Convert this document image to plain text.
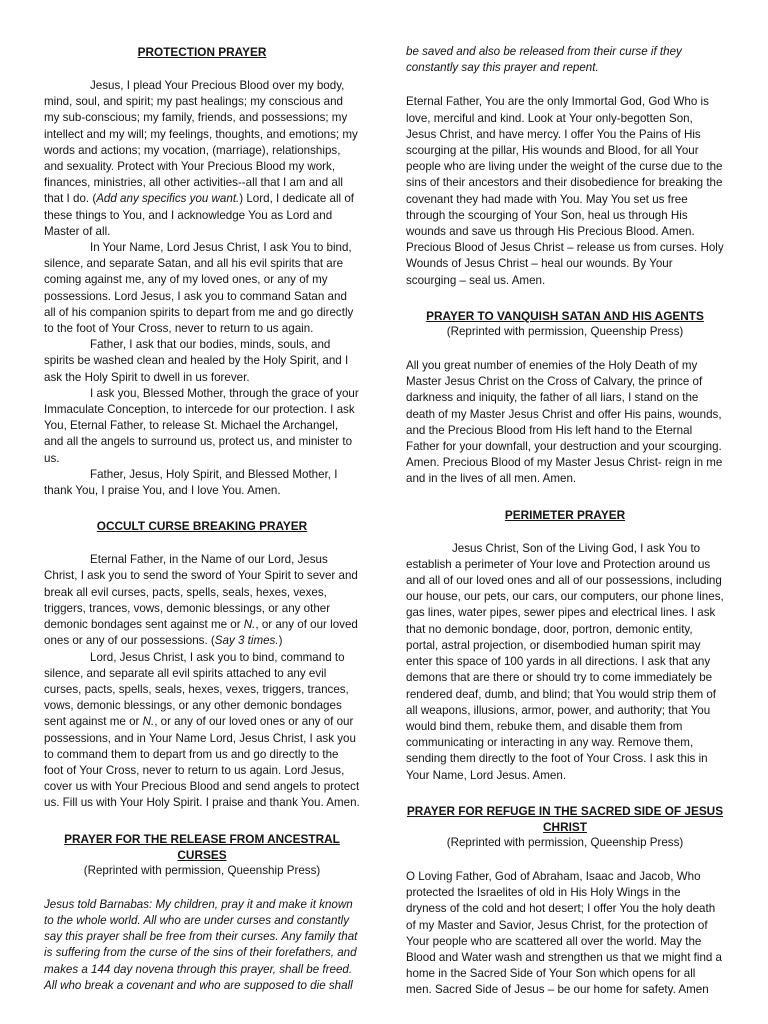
PROTECTION PRAYER

Jesus, I plead Your Precious Blood over my body, mind, soul, and spirit; my past healings; my conscious and my sub-conscious; my family, friends, and possessions; my intellect and my will; my feelings, thoughts, and emotions; my words and actions; my vocation, (marriage), relationships, and sexuality. Protect with Your Precious Blood my work, finances, ministries, all other activities--all that I am and all that I do. (Add any specifics you want.) Lord, I dedicate all of these things to You, and I acknowledge You as Lord and Master of all.

In Your Name, Lord Jesus Christ, I ask You to bind, silence, and separate Satan, and all his evil spirits that are coming against me, any of my loved ones, or any of my possessions. Lord Jesus, I ask you to command Satan and all of his companion spirits to depart from me and go directly to the foot of Your Cross, never to return to us again.

Father, I ask that our bodies, minds, souls, and spirits be washed clean and healed by the Holy Spirit, and I ask the Holy Spirit to dwell in us forever.

I ask you, Blessed Mother, through the grace of your Immaculate Conception, to intercede for our protection. I ask You, Eternal Father, to release St. Michael the Archangel, and all the angels to surround us, protect us, and minister to us.

Father, Jesus, Holy Spirit, and Blessed Mother, I thank You, I praise You, and I love You. Amen.

OCCULT CURSE BREAKING PRAYER

Eternal Father, in the Name of our Lord, Jesus Christ, I ask you to send the sword of Your Spirit to sever and break all evil curses, pacts, spells, seals, hexes, vexes, triggers, trances, vows, demonic blessings, or any other demonic bondages sent against me or N., or any of our loved ones or any of our possessions. (Say 3 times.)

Lord, Jesus Christ, I ask you to bind, command to silence, and separate all evil spirits attached to any evil curses, pacts, spells, seals, hexes, vexes, triggers, trances, vows, demonic blessings, or any other demonic bondages sent against me or N., or any of our loved ones or any of our possessions, and in Your Name Lord, Jesus Christ, I ask you to command them to depart from us and go directly to the foot of Your Cross, never to return to us again. Lord Jesus, cover us with Your Precious Blood and send angels to protect us. Fill us with Your Holy Spirit. I praise and thank You. Amen.

PRAYER FOR THE RELEASE FROM ANCESTRAL CURSES

(Reprinted with permission, Queenship Press)

Jesus told Barnabas: My children, pray it and make it known to the whole world. All who are under curses and constantly say this prayer shall be free from their curses. Any family that is suffering from the curse of the sins of their forefathers, and makes a 144 day novena through this prayer, shall be freed. All who break a covenant and who are supposed to die shall

be saved and also be released from their curse if they constantly say this prayer and repent.

Eternal Father, You are the only Immortal God, God Who is love, merciful and kind. Look at Your only-begotten Son, Jesus Christ, and have mercy. I offer You the Pains of His scourging at the pillar, His wounds and Blood, for all Your people who are living under the weight of the curse due to the sins of their ancestors and their disobedience for breaking the covenant they had made with You. May You set us free through the scourging of Your Son, heal us through His wounds and save us through His Precious Blood. Amen. Precious Blood of Jesus Christ – release us from curses. Holy Wounds of Jesus Christ – heal our wounds. By Your scourging – seal us. Amen.

PRAYER TO VANQUISH SATAN AND HIS AGENTS

(Reprinted with permission, Queenship Press)

All you great number of enemies of the Holy Death of my Master Jesus Christ on the Cross of Calvary, the prince of darkness and iniquity, the father of all liars, I stand on the death of my Master Jesus Christ and offer His pains, wounds, and the Precious Blood from His left hand to the Eternal Father for your downfall, your destruction and your scourging. Amen. Precious Blood of my Master Jesus Christ- reign in me and in the lives of all men. Amen.

PERIMETER PRAYER

Jesus Christ, Son of the Living God, I ask You to establish a perimeter of Your love and Protection around us and all of our loved ones and all of our possessions, including our house, our pets, our cars, our computers, our phone lines, gas lines, water pipes, sewer pipes and electrical lines. I ask that no demonic bondage, door, portron, demonic entity, portal, astral projection, or disembodied human spirit may enter this space of 100 yards in all directions. I ask that any demons that are there or should try to come immediately be rendered deaf, dumb, and blind; that You would strip them of all weapons, illusions, armor, power, and authority; that You would bind them, rebuke them, and disable them from communicating or interacting in any way. Remove them, sending them directly to the foot of Your Cross. I ask this in Your Name, Lord Jesus. Amen.

PRAYER FOR REFUGE IN THE SACRED SIDE OF JESUS CHRIST

(Reprinted with permission, Queenship Press)

O Loving Father, God of Abraham, Isaac and Jacob, Who protected the Israelites of old in His Holy Wings in the dryness of the cold and hot desert; I offer You the holy death of my Master and Savior, Jesus Christ, for the protection of Your people who are scattered all over the world. May the Blood and Water wash and strengthen us that we might find a home in the Sacred Side of Your Son which opens for all men. Sacred Side of Jesus – be our home for safety. Amen
